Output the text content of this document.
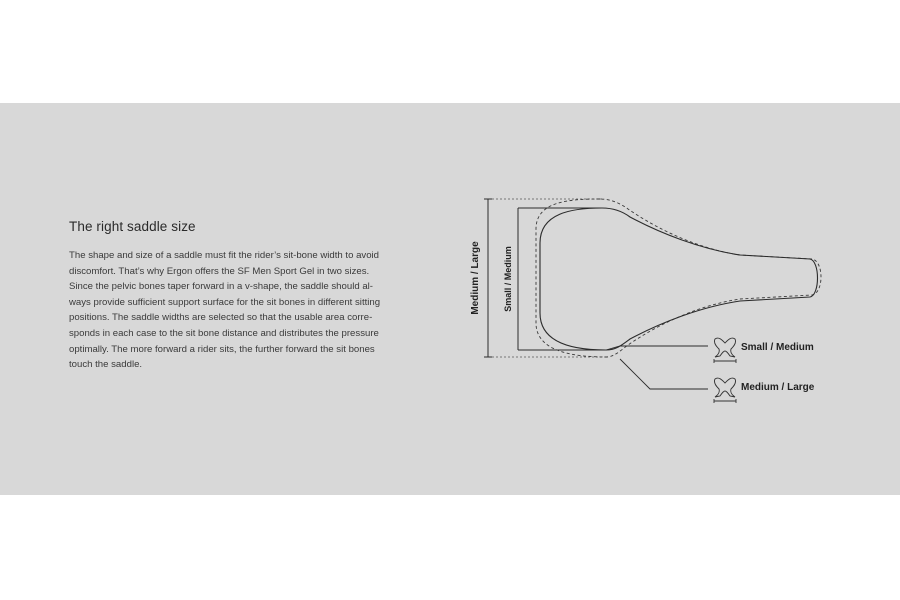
The right saddle size
The shape and size of a saddle must fit the rider’s sit-bone width to avoid
discomfort. That’s why Ergon offers the SF Men Sport Gel in two sizes.
Since the pelvic bones taper forward in a v-shape, the saddle should al-
ways provide sufficient support surface for the sit bones in different sitting
positions. The saddle widths are selected so that the usable area corre-
sponds in each case to the sit bone distance and distributes the pressure
optimally. The more forward a rider sits, the further forward the sit bones
touch the saddle.
Small / Medium
Medium / Large
Medium / Large Small / Medium
